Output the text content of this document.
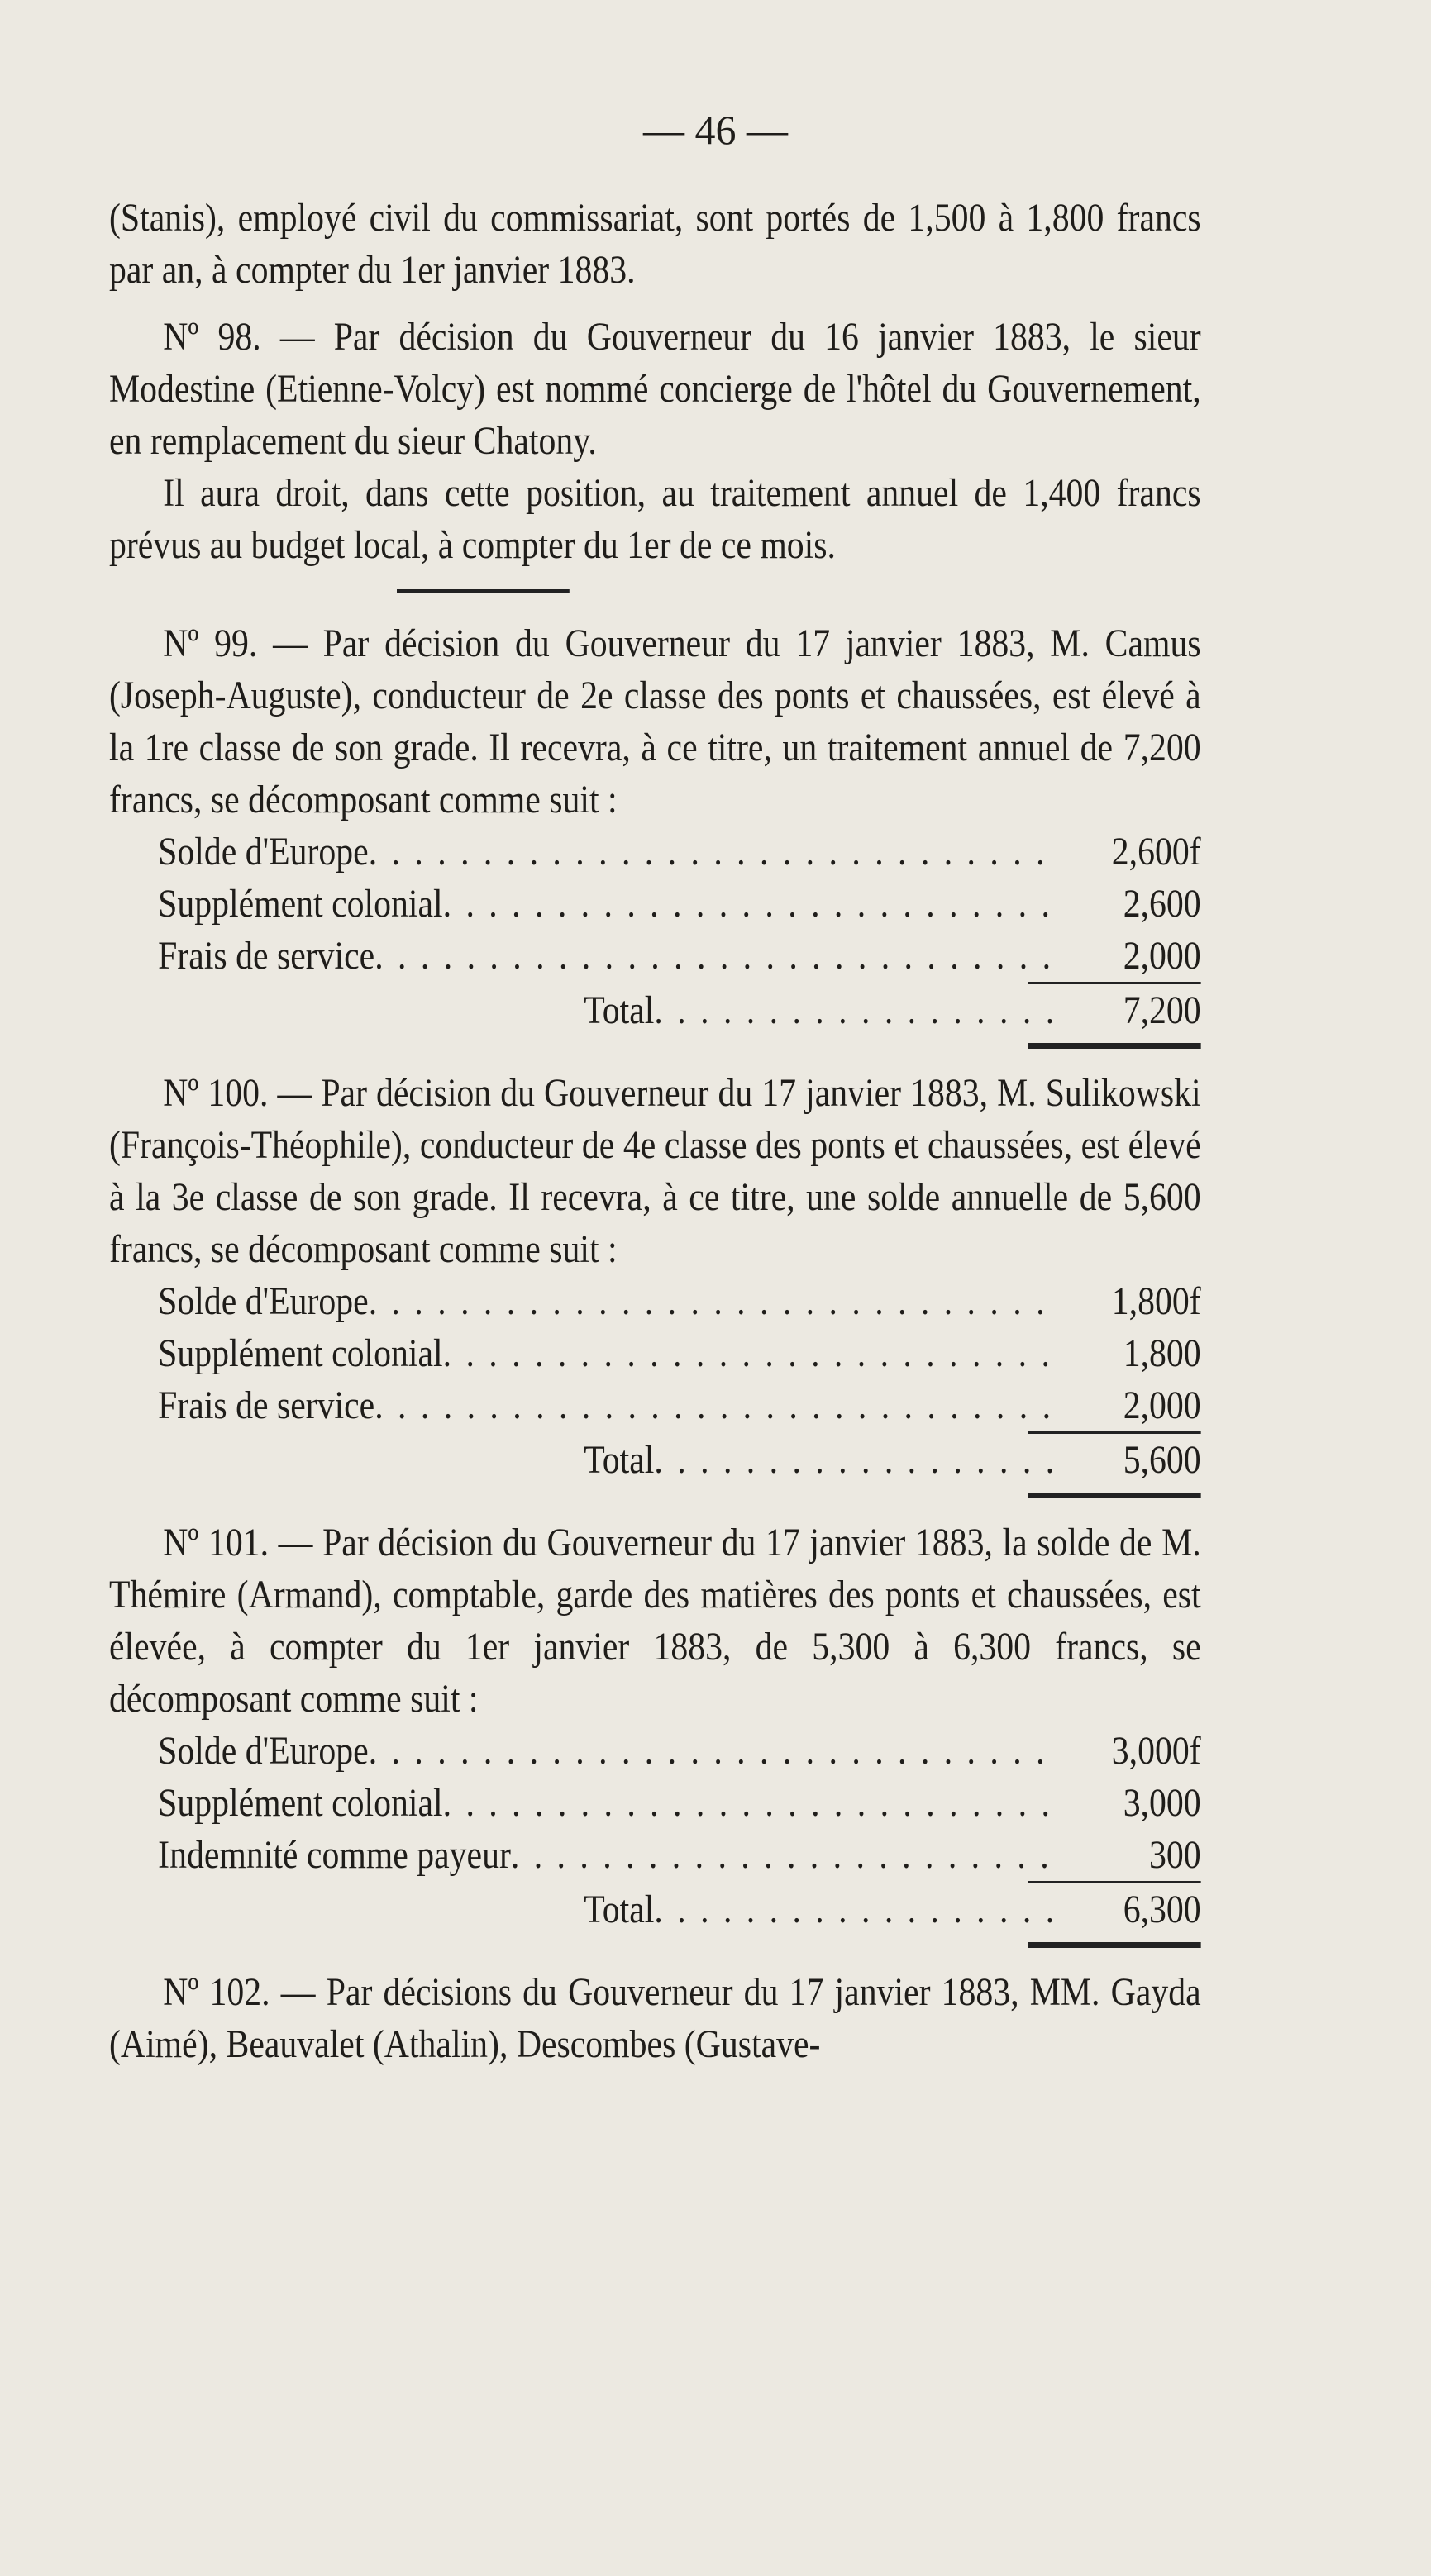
— 46 —

(Stanis), employé civil du commissariat, sont portés de 1,500 à 1,800 francs par an, à compter du 1er janvier 1883.

Nº 98. — Par décision du Gouverneur du 16 janvier 1883, le sieur Modestine (Etienne-Volcy) est nommé concierge de l'hôtel du Gouvernement, en remplacement du sieur Chatony.

Il aura droit, dans cette position, au traitement annuel de 1,400 francs prévus au budget local, à compter du 1er de ce mois.

Nº 99. — Par décision du Gouverneur du 17 janvier 1883, M. Camus (Joseph-Auguste), conducteur de 2e classe des ponts et chaussées, est élevé à la 1re classe de son grade. Il recevra, à ce titre, un traitement annuel de 7,200 francs, se décomposant comme suit :

Solde d'Europe . . .	2,600f
Supplément colonial . . .	2,600
Frais de service . . .	2,000
Total . . .	7,200

Nº 100. — Par décision du Gouverneur du 17 janvier 1883, M. Sulikowski (François-Théophile), conducteur de 4e classe des ponts et chaussées, est élevé à la 3e classe de son grade. Il recevra, à ce titre, une solde annuelle de 5,600 francs, se décomposant comme suit :

Solde d'Europe . . .	1,800f
Supplément colonial . . .	1,800
Frais de service . . .	2,000
Total . . .	5,600

Nº 101. — Par décision du Gouverneur du 17 janvier 1883, la solde de M. Thémire (Armand), comptable, garde des matières des ponts et chaussées, est élevée, à compter du 1er janvier 1883, de 5,300 à 6,300 francs, se décomposant comme suit :

Solde d'Europe . . .	3,000f
Supplément colonial . . .	3,000
Indemnité comme payeur . . .	300
Total . . .	6,300

Nº 102. — Par décisions du Gouverneur du 17 janvier 1883, MM. Gayda (Aimé), Beauvalet (Athalin), Descombes (Gustave-
